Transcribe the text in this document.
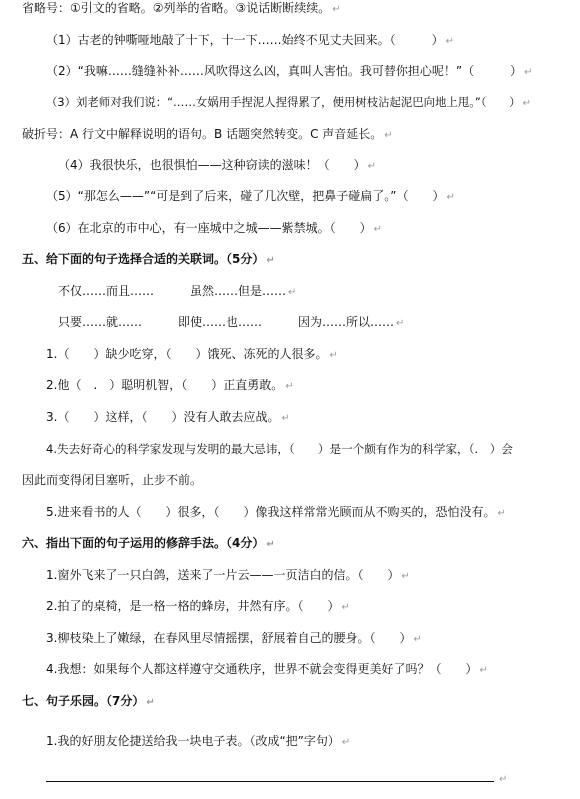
省略号：①引文的省略。②列举的省略。③说话断断续续。 ↵
（1）古老的钟嘶哑地敲了十下，十一下……始终不见丈夫回来。（　　　） ↵
（2）“我嘛……缝缝补补……风吹得这么凶，真叫人害怕。我可替你担心呢！”（　　　） ↵
（3）刘老师对我们说：“……女娲用手捏泥人捏得累了，便用树枝沾起泥巴向地上甩。”（　　） ↵
破折号：A 行文中解释说明的语句。B 话题突然转变。C 声音延长。 ↵
（4）我很快乐，也很惧怕——这种窃读的滋味！（　　） ↵
（5）“那怎么——”“可是到了后来，碰了几次壁，把鼻子碰扁了。”（　　） ↵
（6）在北京的市中心，有一座城中之城——紫禁城。（　　） ↵
五、给下面的句子选择合适的关联词。（5分） ↵
不仅……而且……　　　虽然……但是…… ↵
只要……就……　　　即使……也……　　　因为……所以…… ↵
1.（　　）缺少吃穿，（　　）饿死、冻死的人很多。 ↵
2.他（　.　）聪明机智，（　　）正直勇敢。 ↵
3.（　　）这样，（　　）没有人敢去应战。 ↵
4.失去好奇心的科学家发现与发明的最大忌讳，（　　）是一个颇有作为的科学家，（.　）会
因此而变得闭目塞听，止步不前。
5.进来看书的人（　　）很多，（　　）像我这样常常光顾而从不购买的，恐怕没有。 ↵
六、指出下面的句子运用的修辞手法。（4分） ↵
1.窗外飞来了一只白鸽，送来了一片云——一页洁白的信。（　　） ↵
2.拍了的桌椅，是一格一格的蜂房，井然有序。（　　） ↵
3.柳枝染上了嫩绿，在春风里尽情摇摆，舒展着自己的腰身。（　　） ↵
4.我想：如果每个人都这样遵守交通秩序，世界不就会变得更美好了吗？（　　） ↵
七、句子乐园。（7分） ↵
1.我的好朋友伦捷送给我一块电子表。（改成“把”字句） ↵
↵
